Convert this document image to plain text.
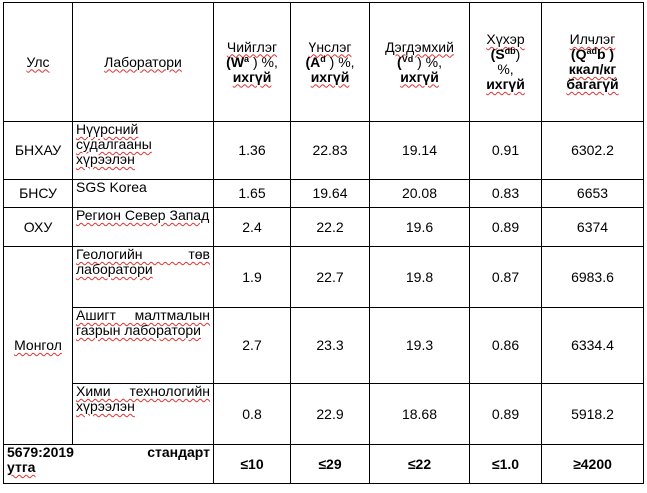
Улс	Лаборатори	Чийглэг
($W^a$ ) %,
ихгүй	Үнслэг
($A^d$ ) %,
ихгүй	Дэгдэмхий
($^{Vd}$ ) %,
ихгүй	Хүхэр
$(S^{db})$
%,
ихгүй	Илчлэг
($Q^{ad}b$ )
ккал/кг
багагүй
БНХАУ	Нүүрсний судалгааны хүрээлэн	1.36	22.83	19.14	0.91	6302.2
БНСУ	SGS Korea	1.65	19.64	20.08	0.83	6653
ОХУ	Регион Север Запад	2.4	22.2	19.6	0.89	6374
Монгол	Геологийн төв лаборатори	1.9	22.7	19.8	0.87	6983.6
	Ашигт малтмалын газрын лаборатори	2.7	23.3	19.3	0.86	6334.4
	Хими технологийн хүрээлэн	0.8	22.9	18.68	0.89	5918.2

5679:2019 стандарт
утга		≤10	≤29	≤22	≤1.0	≥4200
